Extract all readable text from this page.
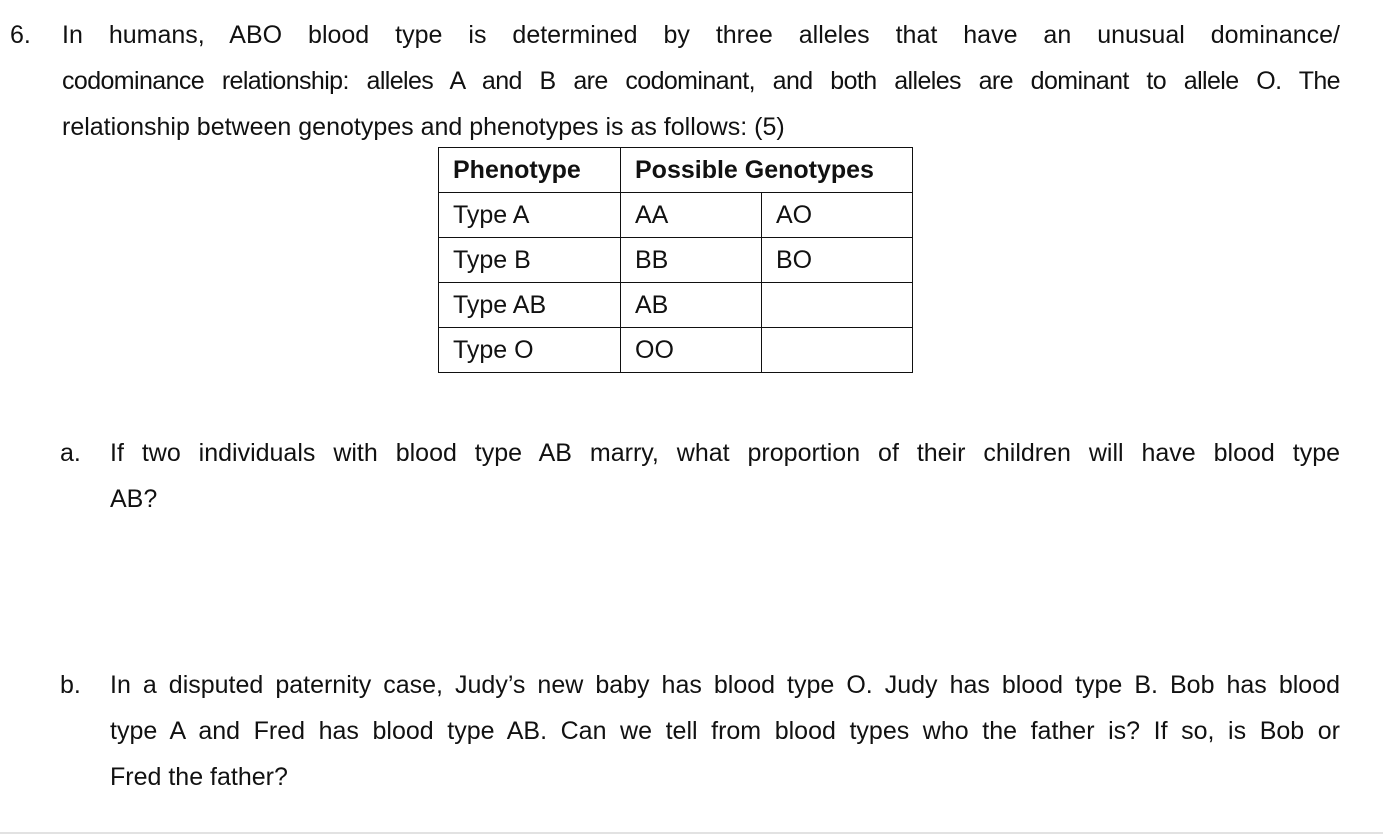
6. In humans, ABO blood type is determined by three alleles that have an unusual dominance/
codominance relationship: alleles A and B are codominant, and both alleles are dominant to allele O. The
relationship between genotypes and phenotypes is as follows: (5)
Phenotype	Possible Genotypes	
Type A	AA	AO
Type B	BB	BO
Type AB	AB	
Type O	OO	
a. If two individuals with blood type AB marry, what proportion of their children will have blood type
AB?
b. In a disputed paternity case, Judy’s new baby has blood type O. Judy has blood type B. Bob has blood
type A and Fred has blood type AB. Can we tell from blood types who the father is? If so, is Bob or
Fred the father?
